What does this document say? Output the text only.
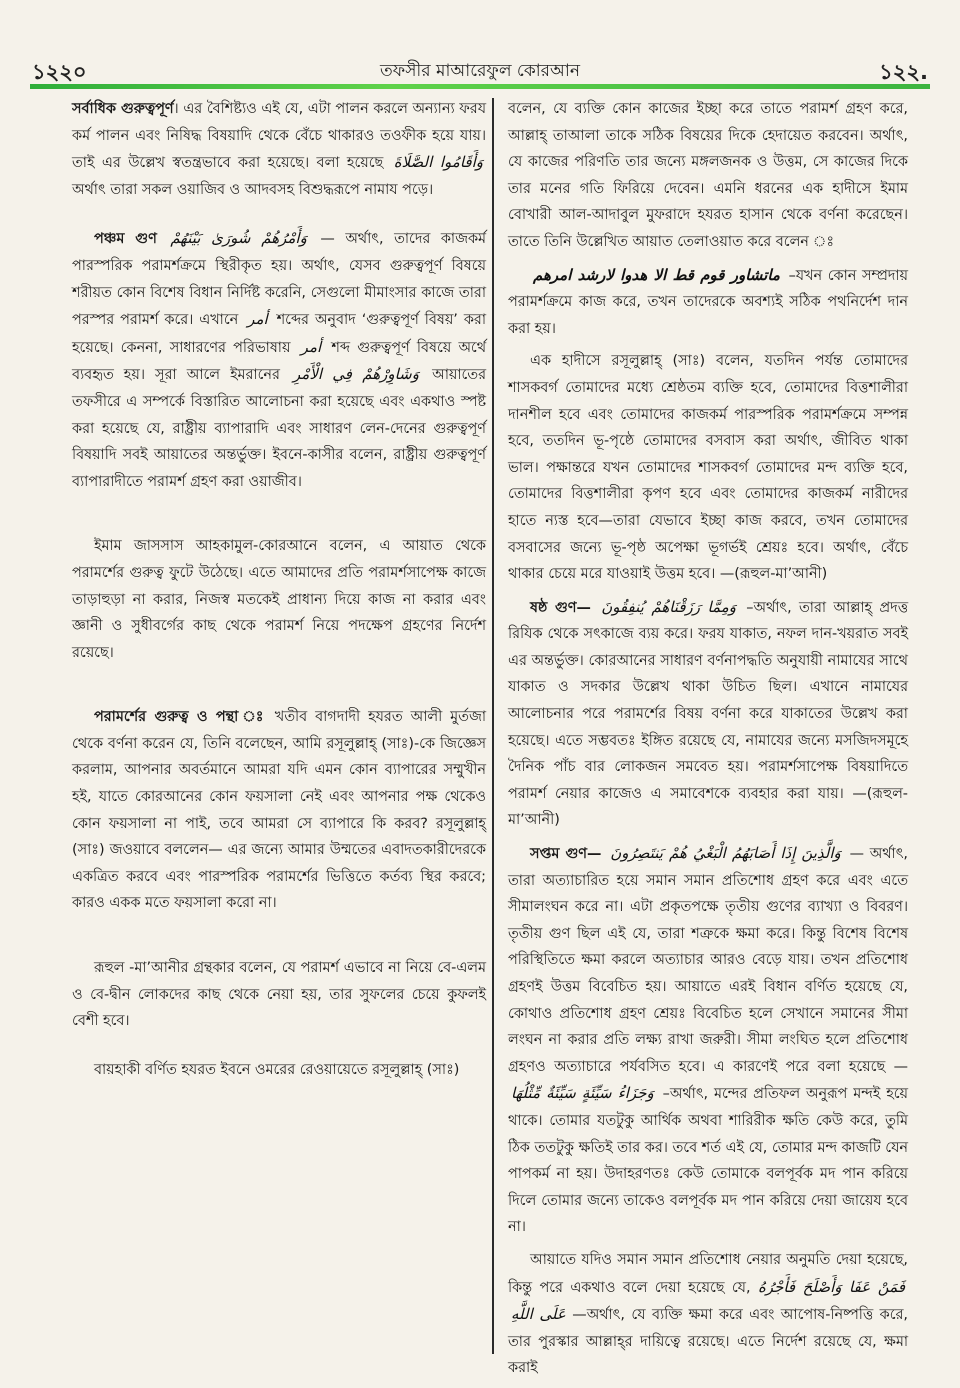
১২২০	তফসীর মাআরেফুল কোরআন	১২২.

সর্বাধিক গুরুত্বপূর্ণ। এর বৈশিষ্ট্যও এই যে, এটা পালন করলে অন্যান্য ফরয কর্ম পালন এবং নিষিদ্ধ বিষয়াদি থেকে বেঁচে থাকারও তওফীক হয়ে যায়। তাই এর উল্লেখ স্বতন্ত্রভাবে করা হয়েছে। বলা হয়েছে وَأَقَامُوا الصَّلَاةَ অর্থাৎ তারা সকল ওয়াজিব ও আদবসহ বিশুদ্ধরূপে নামায পড়ে।

পঞ্চম গুণ وَأَمْرُهُمْ شُورَىٰ بَيْنَهُمْ — অর্থাৎ, তাদের কাজকর্ম পারস্পরিক পরামর্শক্রমে স্থিরীকৃত হয়। অর্থাৎ, যেসব গুরুত্বপূর্ণ বিষয়ে শরীয়ত কোন বিশেষ বিধান নির্দিষ্ট করেনি, সেগুলো মীমাংসার কাজে তারা পরস্পর পরামর্শ করে। এখানে أمر শব্দের অনুবাদ ‘গুরুত্বপূর্ণ বিষয়’ করা হয়েছে। কেননা, সাধারণের পরিভাষায় أمر শব্দ গুরুত্বপূর্ণ বিষয়ে অর্থে ব্যবহৃত হয়। সূরা আলে ইমরানের وَشَاوِرْهُمْ فِي الْأَمْرِ আয়াতের তফসীরে এ সম্পর্কে বিস্তারিত আলোচনা করা হয়েছে এবং একথাও স্পষ্ট করা হয়েছে যে, রাষ্ট্রীয় ব্যাপারাদি এবং সাধারণ লেন-দেনের গুরুত্বপূর্ণ বিষয়াদি সবই আয়াতের অন্তর্ভুক্ত। ইবনে-কাসীর বলেন, রাষ্ট্রীয় গুরুত্বপূর্ণ ব্যাপারাদীতে পরামর্শ গ্রহণ করা ওয়াজীব।

ইমাম জাসসাস আহকামুল-কোরআনে বলেন, এ আয়াত থেকে পরামর্শের গুরুত্ব ফুটে উঠেছে। এতে আমাদের প্রতি পরামর্শসাপেক্ষ কাজে তাড়াহুড়া না করার, নিজস্ব মতকেই প্রাধান্য দিয়ে কাজ না করার এবং জ্ঞানী ও সুধীবর্গের কাছ থেকে পরামর্শ নিয়ে পদক্ষেপ গ্রহণের নির্দেশ রয়েছে।

পরামর্শের গুরুত্ব ও পন্থা ঃ খতীব বাগদাদী হযরত আলী মুর্তজা থেকে বর্ণনা করেন যে, তিনি বলেছেন, আমি রসূলুল্লাহ্ (সাঃ)-কে জিজ্ঞেস করলাম, আপনার অবর্তমানে আমরা যদি এমন কোন ব্যাপারের সম্মুখীন হই, যাতে কোরআনের কোন ফয়সালা নেই এবং আপনার পক্ষ থেকেও কোন ফয়সালা না পাই, তবে আমরা সে ব্যাপারে কি করব? রসূলুল্লাহ্ (সাঃ) জওয়াবে বললেন— এর জন্যে আমার উম্মতের এবাদতকারীদেরকে একত্রিত করবে এবং পারস্পরিক পরামর্শের ভিত্তিতে কর্তব্য স্থির করবে; কারও একক মতে ফয়সালা করো না।

রূহুল -মা’আনীর গ্রন্থকার বলেন, যে পরামর্শ এভাবে না নিয়ে বে-এলম ও বে-দ্বীন লোকদের কাছ থেকে নেয়া হয়, তার সুফলের চেয়ে কুফলই বেশী হবে।

বায়হাকী বর্ণিত হযরত ইবনে ওমরের রেওয়ায়েতে রসূলুল্লাহ্ (সাঃ)

বলেন, যে ব্যক্তি কোন কাজের ইচ্ছা করে তাতে পরামর্শ গ্রহণ করে, আল্লাহ্ তাআলা তাকে সঠিক বিষয়ের দিকে হেদায়েত করবেন। অর্থাৎ, যে কাজের পরিণতি তার জন্যে মঙ্গলজনক ও উত্তম, সে কাজের দিকে তার মনের গতি ফিরিয়ে দেবেন। এমনি ধরনের এক হাদীসে ইমাম বোখারী আল-আদাবুল মুফরাদে হযরত হাসান থেকে বর্ণনা করেছেন। তাতে তিনি উল্লেখিত আয়াত তেলাওয়াত করে বলেন ঃ

ماتشاور قوم قط الا هدوا لارشد امرهم –যখন কোন সম্প্রদায় পরামর্শক্রমে কাজ করে, তখন তাদেরকে অবশ্যই সঠিক পথনির্দেশ দান করা হয়।

এক হাদীসে রসূলুল্লাহ্ (সাঃ) বলেন, যতদিন পর্যন্ত তোমাদের শাসকবর্গ তোমাদের মধ্যে শ্রেষ্ঠতম ব্যক্তি হবে, তোমাদের বিত্তশালীরা দানশীল হবে এবং তোমাদের কাজকর্ম পারস্পরিক পরামর্শক্রমে সম্পন্ন হবে, ততদিন ভূ-পৃষ্ঠে তোমাদের বসবাস করা অর্থাৎ, জীবিত থাকা ভাল। পক্ষান্তরে যখন তোমাদের শাসকবর্গ তোমাদের মন্দ ব্যক্তি হবে, তোমাদের বিত্তশালীরা কৃপণ হবে এবং তোমাদের কাজকর্ম নারীদের হাতে ন্যস্ত হবে—তারা যেভাবে ইচ্ছা কাজ করবে, তখন তোমাদের বসবাসের জন্যে ভূ-পৃষ্ঠ অপেক্ষা ভূগর্ভই শ্রেয়ঃ হবে। অর্থাৎ, বেঁচে থাকার চেয়ে মরে যাওয়াই উত্তম হবে। —(রূহুল-মা’আনী)

ষষ্ঠ গুণ— وَمِمَّا رَزَقْنَاهُمْ يُنفِقُونَ –অর্থাৎ, তারা আল্লাহ্ প্রদত্ত রিযিক থেকে সৎকাজে ব্যয় করে। ফরয যাকাত, নফল দান-খয়রাত সবই এর অন্তর্ভুক্ত। কোরআনের সাধারণ বর্ণনাপদ্ধতি অনুযায়ী নামাযের সাথে যাকাত ও সদকার উল্লেখ থাকা উচিত ছিল। এখানে নামাযের আলোচনার পরে পরামর্শের বিষয় বর্ণনা করে যাকাতের উল্লেখ করা হয়েছে। এতে সম্ভবতঃ ইঙ্গিত রয়েছে যে, নামাযের জন্যে মসজিদসমূহে দৈনিক পাঁচ বার লোকজন সমবেত হয়। পরামর্শসাপেক্ষ বিষয়াদিতে পরামর্শ নেয়ার কাজেও এ সমাবেশকে ব্যবহার করা যায়। —(রূহুল-মা’আনী)

সপ্তম গুণ— وَالَّذِينَ إِذَا أَصَابَهُمُ الْبَغْيُ هُمْ يَنتَصِرُونَ — অর্থাৎ, তারা অত্যাচারিত হয়ে সমান সমান প্রতিশোধ গ্রহণ করে এবং এতে সীমালংঘন করে না। এটা প্রকৃতপক্ষে তৃতীয় গুণের ব্যাখ্যা ও বিবরণ। তৃতীয় গুণ ছিল এই যে, তারা শত্রুকে ক্ষমা করে। কিন্তু বিশেষ বিশেষ পরিস্থিতিতে ক্ষমা করলে অত্যাচার আরও বেড়ে যায়। তখন প্রতিশোধ গ্রহণই উত্তম বিবেচিত হয়। আয়াতে এরই বিধান বর্ণিত হয়েছে যে, কোথাও প্রতিশোধ গ্রহণ শ্রেয়ঃ বিবেচিত হলে সেখানে সমানের সীমা লংঘন না করার প্রতি লক্ষ্য রাখা জরুরী। সীমা লংঘিত হলে প্রতিশোধ গ্রহণও অত্যাচারে পর্যবসিত হবে। এ কারণেই পরে বলা হয়েছে — وَجَزَاءُ سَيِّئَةٍ سَيِّئَةٌ مِّثْلُهَا –অর্থাৎ, মন্দের প্রতিফল অনুরূপ মন্দই হয়ে থাকে। তোমার যতটুকু আর্থিক অথবা শারিরীক ক্ষতি কেউ করে, তুমি ঠিক ততটুকু ক্ষতিই তার কর। তবে শর্ত এই যে, তোমার মন্দ কাজটি যেন পাপকর্ম না হয়। উদাহরণতঃ কেউ তোমাকে বলপূর্বক মদ পান করিয়ে দিলে তোমার জন্যে তাকেও বলপূর্বক মদ পান করিয়ে দেয়া জায়েয হবে না।

আয়াতে যদিও সমান সমান প্রতিশোধ নেয়ার অনুমতি দেয়া হয়েছে, কিন্তু পরে একথাও বলে দেয়া হয়েছে যে, فَمَنْ عَفَا وَأَصْلَحَ فَأَجْرُهُ عَلَى اللَّهِ —অর্থাৎ, যে ব্যক্তি ক্ষমা করে এবং আপোষ-নিষ্পত্তি করে, তার পুরস্কার আল্লাহ্‌র দায়িত্বে রয়েছে। এতে নির্দেশ রয়েছে যে, ক্ষমা করাই
